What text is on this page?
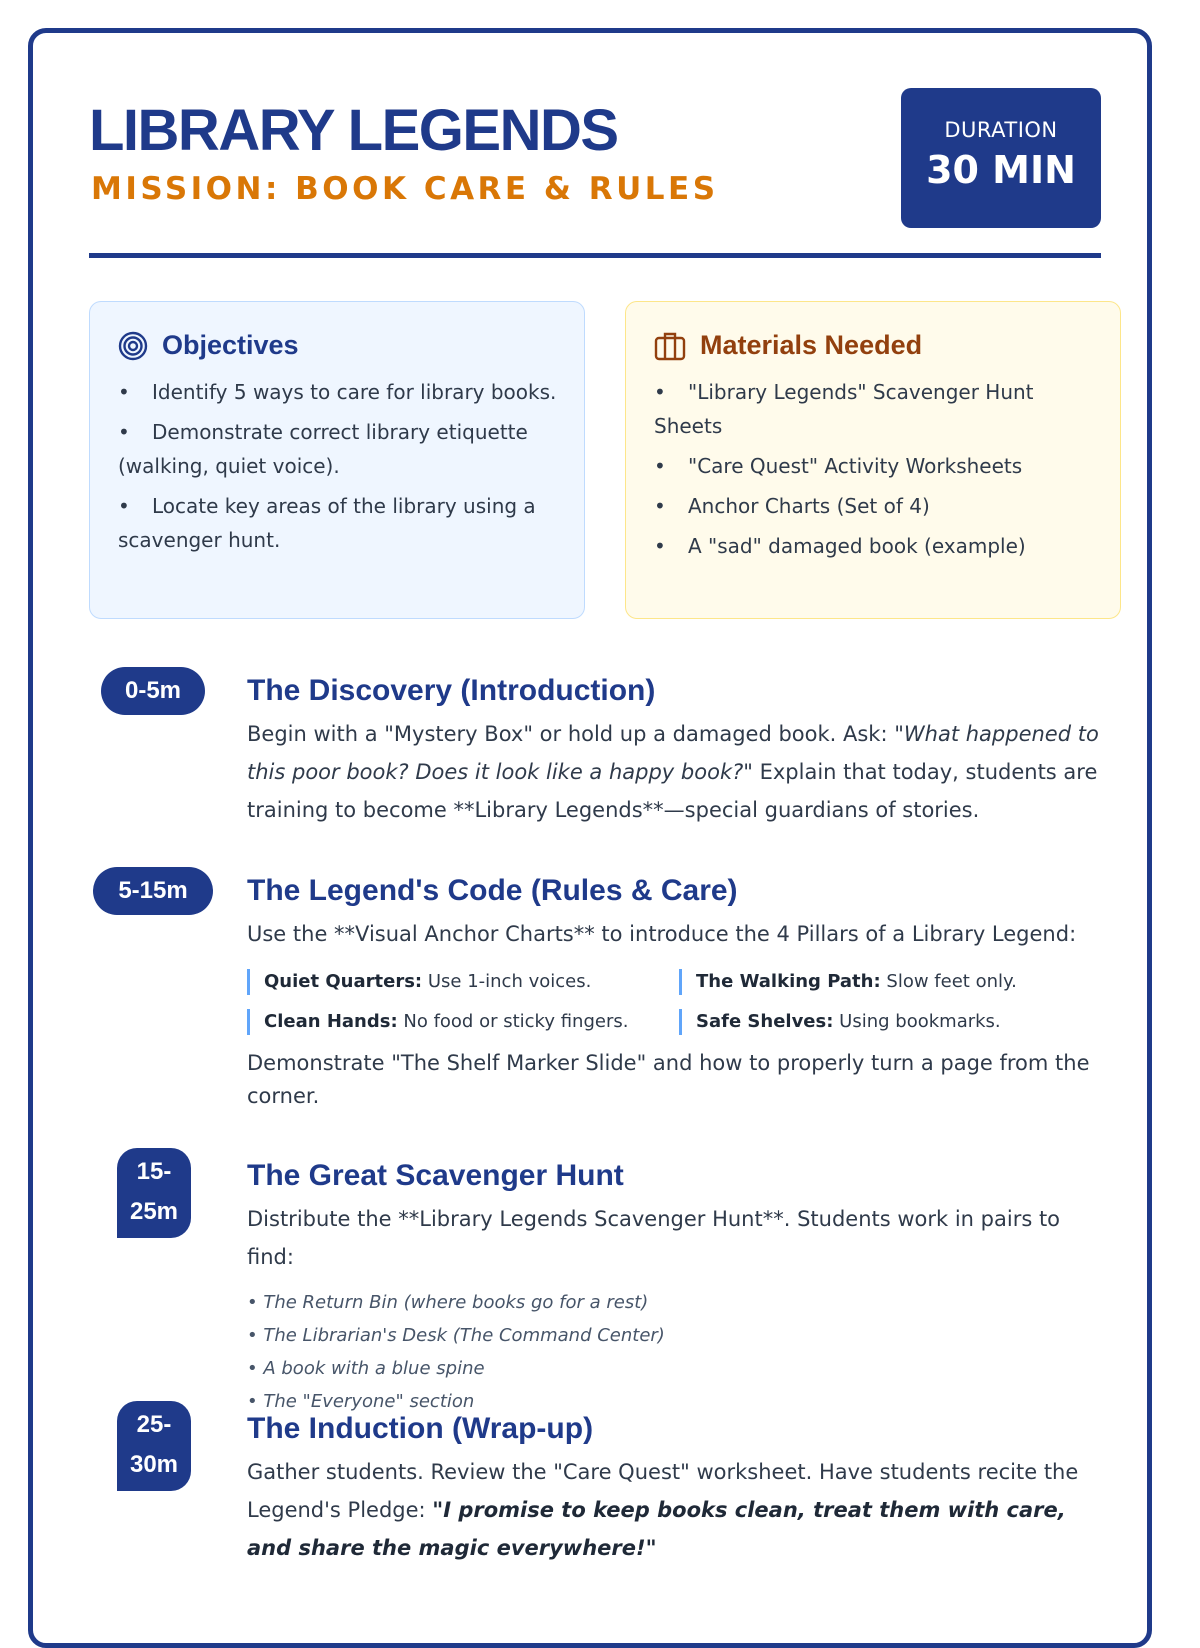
LIBRARY LEGENDS
MISSION: BOOK CARE & RULES
DURATION
30 MIN
Objectives
• Identify 5 ways to care for library books.
• Demonstrate correct library etiquette (walking, quiet voice).
• Locate key areas of the library using a scavenger hunt.
Materials Needed
• "Library Legends" Scavenger Hunt Sheets
• "Care Quest" Activity Worksheets
• Anchor Charts (Set of 4)
• A "sad" damaged book (example)
0-5m	The Discovery (Introduction)

Begin with a "Mystery Box" or hold up a damaged book. Ask: "What happened to this poor book? Does it look like a happy book?" Explain that today, students are training to become **Library Legends**—special guardians of stories.

5-15m	The Legend's Code (Rules & Care)

Use the **Visual Anchor Charts** to introduce the 4 Pillars of a Library Legend:

Quiet Quarters: Use 1-inch voices.	The Walking Path: Slow feet only.
Clean Hands: No food or sticky fingers.	Safe Shelves: Using bookmarks.

Demonstrate "The Shelf Marker Slide" and how to properly turn a page from the corner.

15-
25m
The Great Scavenger Hunt

Distribute the **Library Legends Scavenger Hunt**. Students work in pairs to find:

• The Return Bin (where books go for a rest)
• The Librarian's Desk (The Command Center)
• A book with a blue spine
• The "Everyone" section
25-
30m
The Induction (Wrap-up)

Gather students. Review the "Care Quest" worksheet. Have students recite the Legend's Pledge: "I promise to keep books clean, treat them with care, and share the magic everywhere!"
